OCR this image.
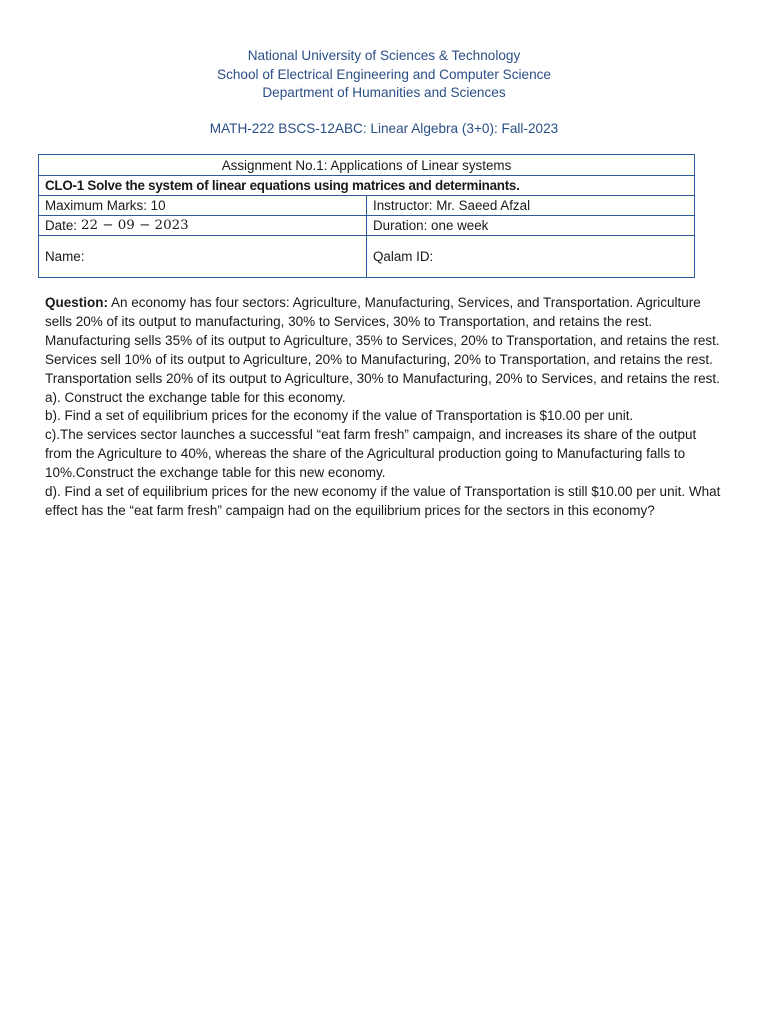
National University of Sciences & Technology
School of Electrical Engineering and Computer Science
Department of Humanities and Sciences
MATH-222 BSCS-12ABC: Linear Algebra (3+0): Fall-2023
Assignment No.1: Applications of Linear systems
CLO-1 Solve the system of linear equations using matrices and determinants.
Maximum Marks: 10	Instructor: Mr. Saeed Afzal
Date: 22 − 09 − 2023	Duration: one week
Name:	Qalam ID:

Question: An economy has four sectors: Agriculture, Manufacturing, Services, and Transportation. Agriculture sells 20% of its output to manufacturing, 30% to Services, 30% to Transportation, and retains the rest. Manufacturing sells 35% of its output to Agriculture, 35% to Services, 20% to Transportation, and retains the rest. Services sell 10% of its output to Agriculture, 20% to Manufacturing, 20% to Transportation, and retains the rest. Transportation sells 20% of its output to Agriculture, 30% to Manufacturing, 20% to Services, and retains the rest.

a). Construct the exchange table for this economy.

b). Find a set of equilibrium prices for the economy if the value of Transportation is $10.00 per unit.

c).The services sector launches a successful “eat farm fresh” campaign, and increases its share of the output from the Agriculture to 40%, whereas the share of the Agricultural production going to Manufacturing falls to 10%.Construct the exchange table for this new economy.

d). Find a set of equilibrium prices for the new economy if the value of Transportation is still $10.00 per unit. What effect has the “eat farm fresh” campaign had on the equilibrium prices for the sectors in this economy?
